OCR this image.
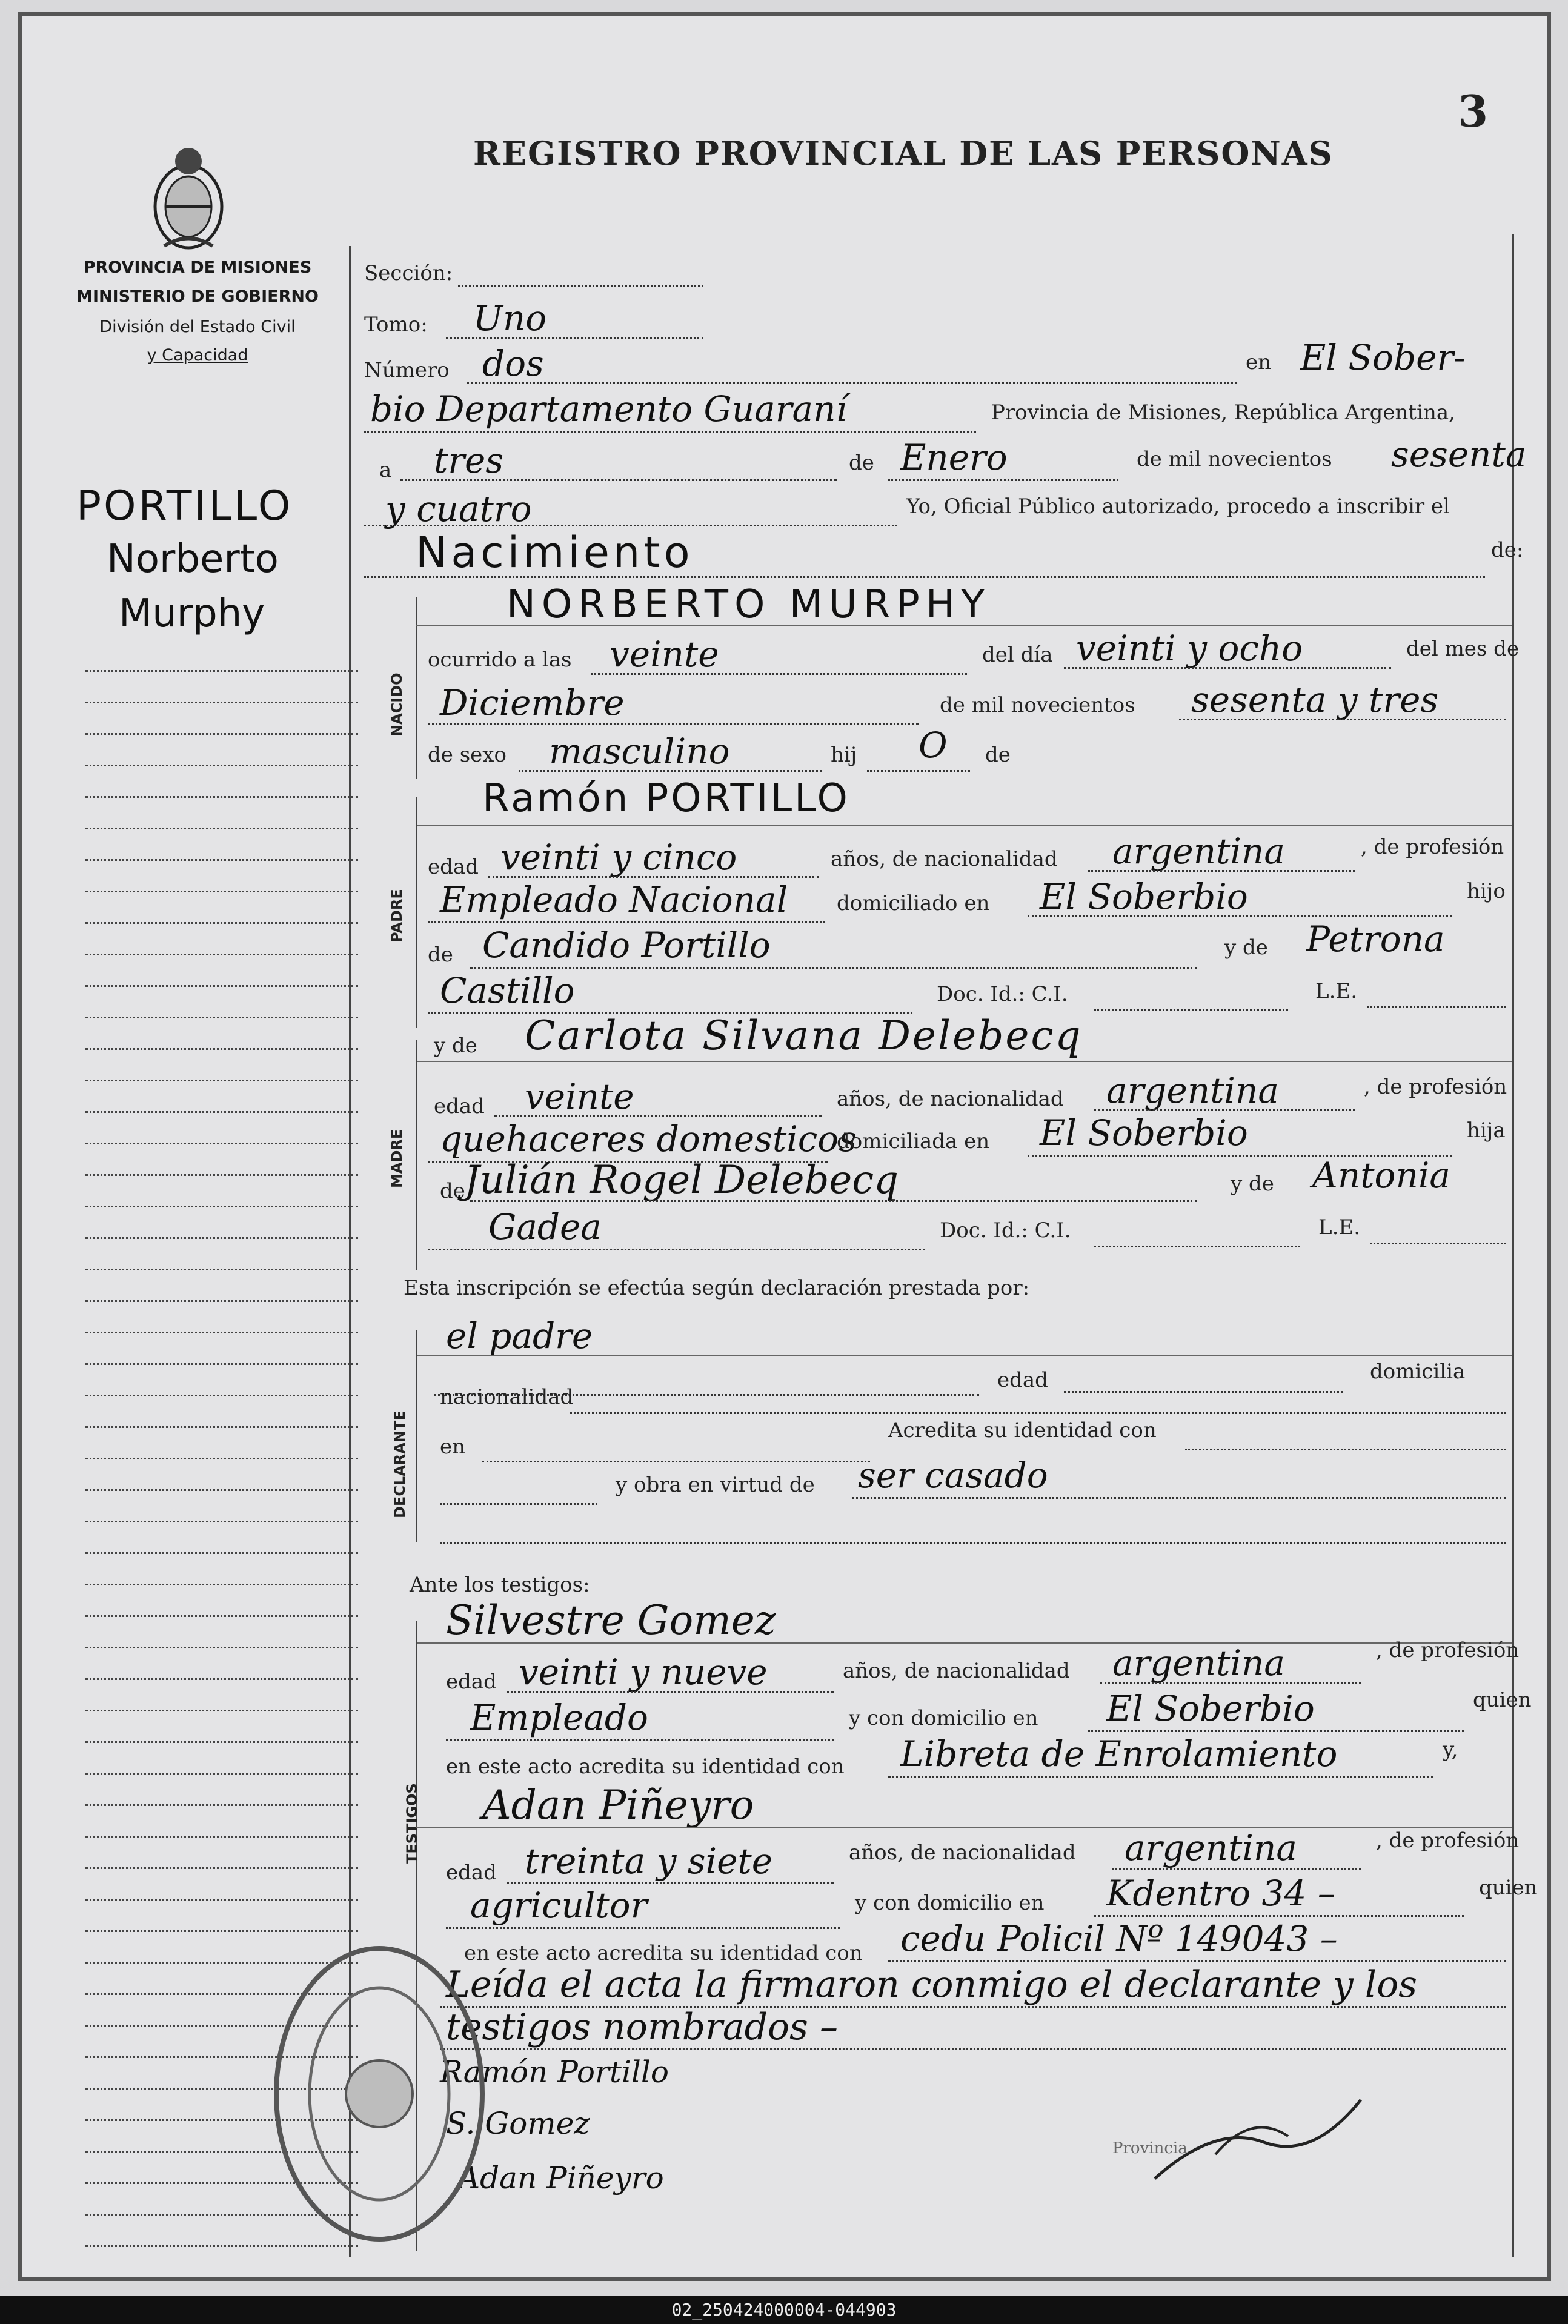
3
REGISTRO PROVINCIAL DE LAS PERSONAS
PROVINCIA DE MISIONES
MINISTERIO DE GOBIERNO
División del Estado Civil
y Capacidad
PORTILLO
Norberto
Murphy
Sección:
Tomo: Uno
Número dos	en El Sober-
bio Departamento Guaraní	Provincia de Misiones, República Argentina,
a tres	de Enero	de mil novecientos sesenta
y cuatro	Yo, Oficial Público autorizado, procedo a inscribir el
Nacimiento	de:
NACIDO
NORBERTO MURPHY
ocurrido a las veinte	del día veinti y ocho	del mes de
Diciembre	de mil novecientos sesenta y tres
de sexo masculino	hij O de
Ramón PORTILLO
PADRE
edad veinti y cinco	años, de nacionalidad argentina	, de profesión
Empleado Nacional domiciliado en El Soberbio	hijo
de Candido Portillo	y de Petrona
Castillo	Doc. Id.: C.I.	L.E.
y de Carlota Silvana Delebecq
MADRE
edad veinte	años, de nacionalidad argentina	, de profesión
quehaceres domesticos
domiciliada en El Soberbio	hija
de
Julián Rogel Delebecq	y de Antonia
Gadea	Doc. Id.: C.I.	L.E.
Esta inscripción se efectúa según declaración prestada por:
el padre
DECLARANTE
edad	domicilia
nacionalidad
en
Acredita su identidad con
y obra en virtud de ser casado
Ante los testigos:
Silvestre Gomez
TESTIGOS
edad veinti y nueve	años, de nacionalidad argentina	, de profesión
Empleado	y con domicilio en El Soberbio	quien
en este acto acredita su identidad con Libreta de Enrolamiento	y,
Adan Piñeyro
edad treinta y siete	años, de nacionalidad argentina	, de profesión
agricultor	y con domicilio en Kdentro 34 –	quien
en este acto acredita su identidad con cedu Policil Nº 149043 –
Leída el acta la firmaron conmigo el declarante y los
testigos nombrados –
Ramón Portillo
S. Gomez
Adan Piñeyro
Provincia
02_250424000004-044903
